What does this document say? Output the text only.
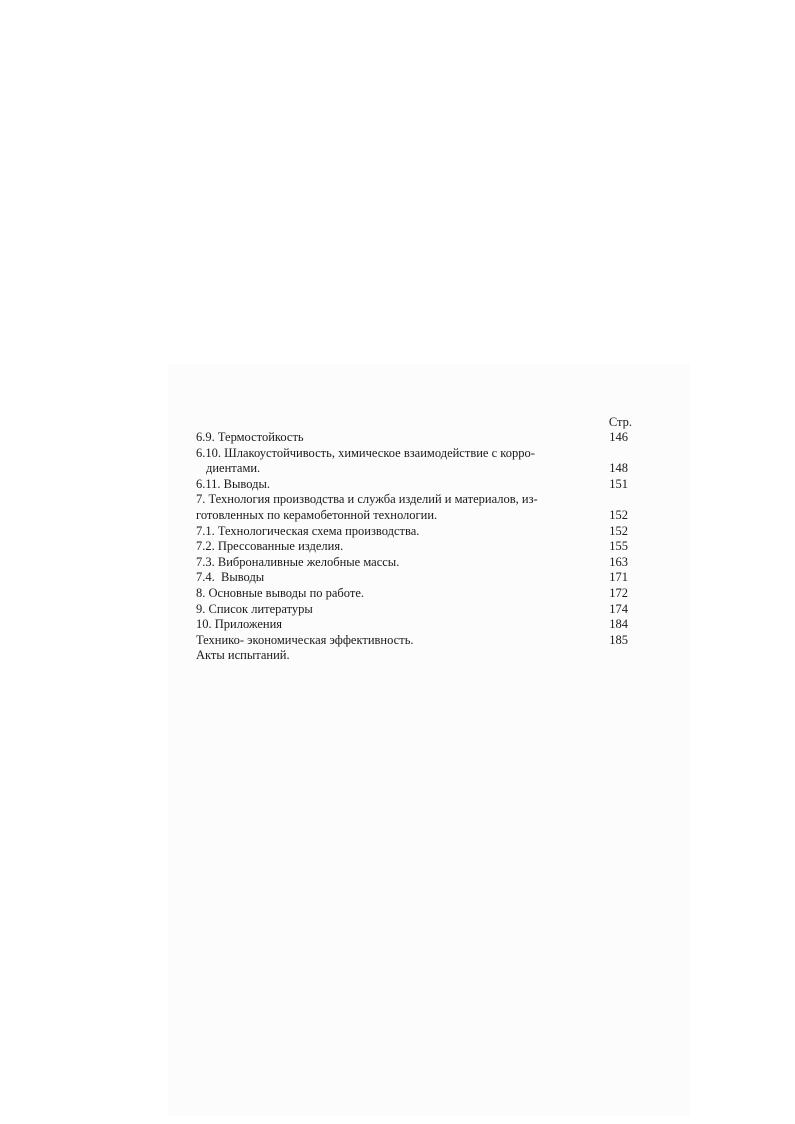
Стр.
6.9. Термостойкость	146
6.10. Шлакоустойчивость, химическое взаимодействие с корро-
диентами.	148
6.11. Выводы.	151
7. Технология производства и служба изделий и материалов, из-
готовленных по керамобетонной технологии.	152
7.1. Технологическая схема производства.	152
7.2. Прессованные изделия.	155
7.3. Виброналивные желобные массы.	163
7.4.  Выводы	171
8. Основные выводы по работе.	172
9. Список литературы	174
10. Приложения	184
Технико- экономическая эффективность.	185
Акты испытаний.
